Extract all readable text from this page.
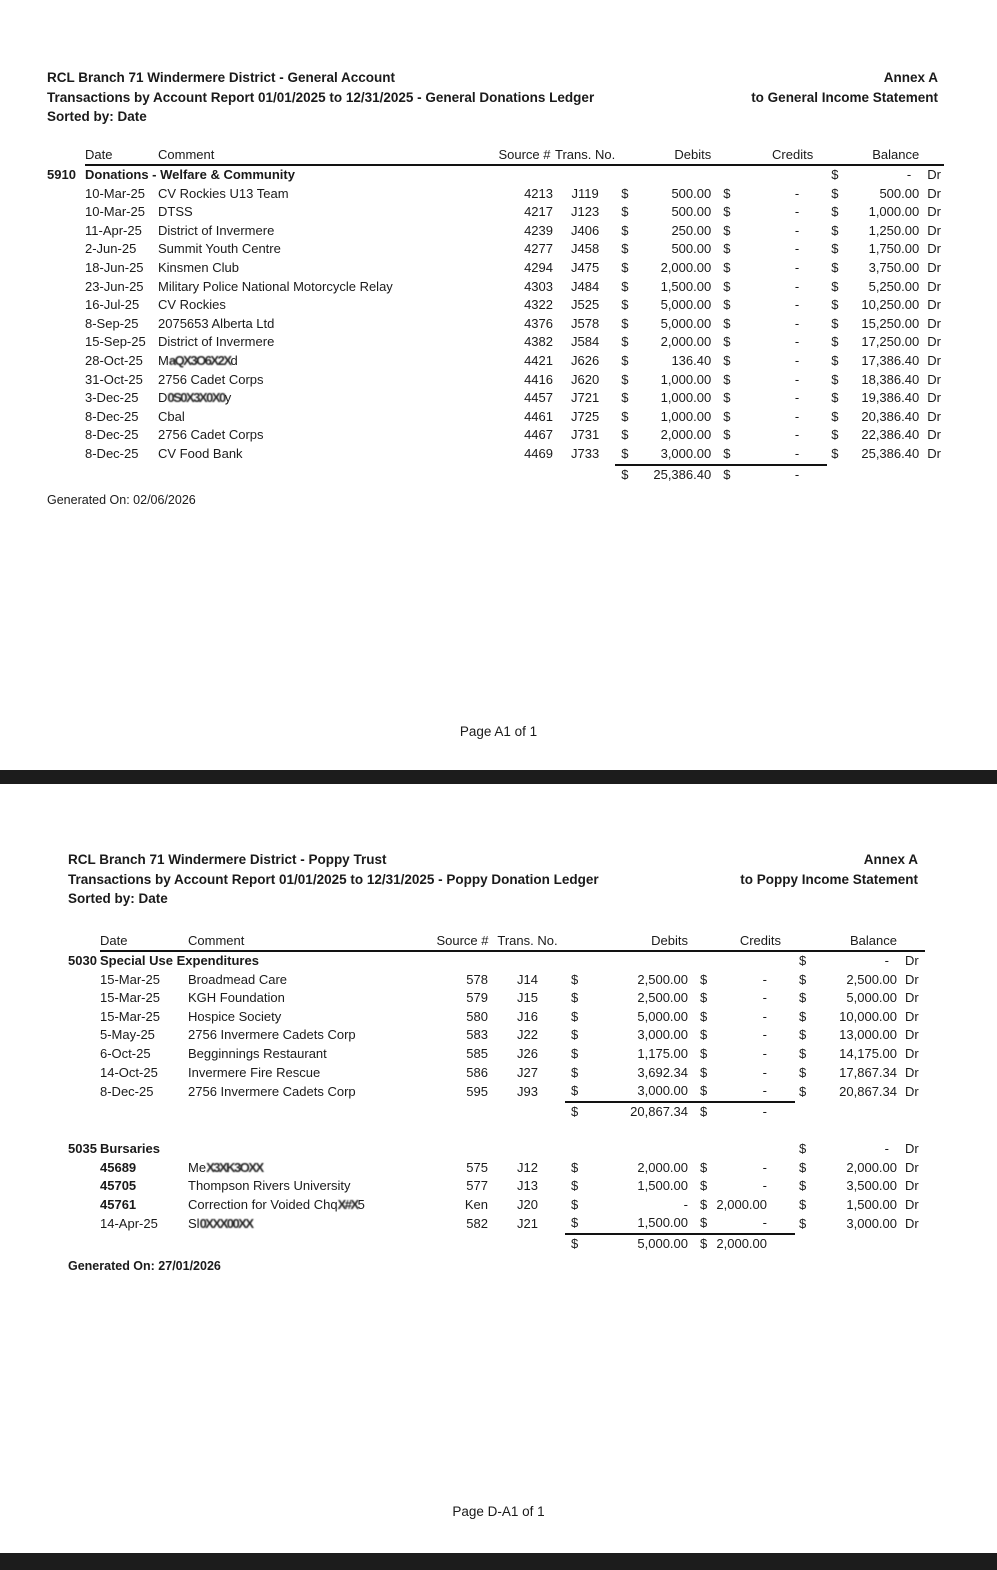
RCL Branch 71 Windermere District - General Account
Transactions by Account Report 01/01/2025 to 12/31/2025 - General Donations Ledger
Sorted by: Date
Annex A
to General Income Statement
	Date	Comment	Source #	Trans. No.	Debits		Credits		Balance		
5910	Donations - Welfare & Community								$	-	Dr
	10-Mar-25	CV Rockies U13 Team	4213	J119	$	500.00	$	-	$	500.00	Dr
	10-Mar-25	DTSS	4217	J123	$	500.00	$	-	$	1,000.00	Dr
	11-Apr-25	District of Invermere	4239	J406	$	250.00	$	-	$	1,250.00	Dr
	2-Jun-25	Summit Youth Centre	4277	J458	$	500.00	$	-	$	1,750.00	Dr
	18-Jun-25	Kinsmen Club	4294	J475	$	2,000.00	$	-	$	3,750.00	Dr
	23-Jun-25	Military Police National Motorcycle Relay	4303	J484	$	1,500.00	$	-	$	5,250.00	Dr
	16-Jul-25	CV Rockies	4322	J525	$	5,000.00	$	-	$	10,250.00	Dr
	8-Sep-25	2075653 Alberta Ltd	4376	J578	$	5,000.00	$	-	$	15,250.00	Dr
	15-Sep-25	District of Invermere	4382	J584	$	2,000.00	$	-	$	17,250.00	Dr
	28-Oct-25	MaQX3O6X2Xd	4421	J626	$	136.40	$	-	$	17,386.40	Dr
	31-Oct-25	2756 Cadet Corps	4416	J620	$	1,000.00	$	-	$	18,386.40	Dr
	3-Dec-25	D0S0X3X0X0y	4457	J721	$	1,000.00	$	-	$	19,386.40	Dr
	8-Dec-25	Cbal	4461	J725	$	1,000.00	$	-	$	20,386.40	Dr
	8-Dec-25	2756 Cadet Corps	4467	J731	$	2,000.00	$	-	$	22,386.40	Dr
	8-Dec-25	CV Food Bank	4469	J733	$	3,000.00	$	-	$	25,386.40	Dr
					$	25,386.40	$	-			
Generated On: 02/06/2026
Page A1 of 1
RCL Branch 71 Windermere District - Poppy Trust
Transactions by Account Report 01/01/2025 to 12/31/2025 - Poppy Donation Ledger
Sorted by: Date
Annex A
to Poppy Income Statement
	Date	Comment	Source #	Trans. No.	Debits		Credits		Balance		
5030	Special Use Expenditures								$	-	Dr
	15-Mar-25	Broadmead Care	578	J14	$	2,500.00	$	-	$	2,500.00	Dr
	15-Mar-25	KGH Foundation	579	J15	$	2,500.00	$	-	$	5,000.00	Dr
	15-Mar-25	Hospice Society	580	J16	$	5,000.00	$	-	$	10,000.00	Dr
	5-May-25	2756 Invermere Cadets Corp	583	J22	$	3,000.00	$	-	$	13,000.00	Dr
	6-Oct-25	Begginnings Restaurant	585	J26	$	1,175.00	$	-	$	14,175.00	Dr
	14-Oct-25	Invermere Fire Rescue	586	J27	$	3,692.34	$	-	$	17,867.34	Dr
	8-Dec-25	2756 Invermere Cadets Corp	595	J93	$	3,000.00	$	-	$	20,867.34	Dr
					$	20,867.34	$	-			

5035	Bursaries								$	-	Dr
	45689	MeX3XK3OXX	575	J12	$	2,000.00	$	-	$	2,000.00	Dr
	45705	Thompson Rivers University	577	J13	$	1,500.00	$	-	$	3,500.00	Dr
	45761	Correction for Voided ChqX#X5	Ken	J20	$	-	$	2,000.00	$	1,500.00	Dr
	14-Apr-25	Sl0XXX00XX	582	J21	$	1,500.00	$	-	$	3,000.00	Dr
					$	5,000.00	$	2,000.00			
Generated On: 27/01/2026
Page D-A1 of 1
